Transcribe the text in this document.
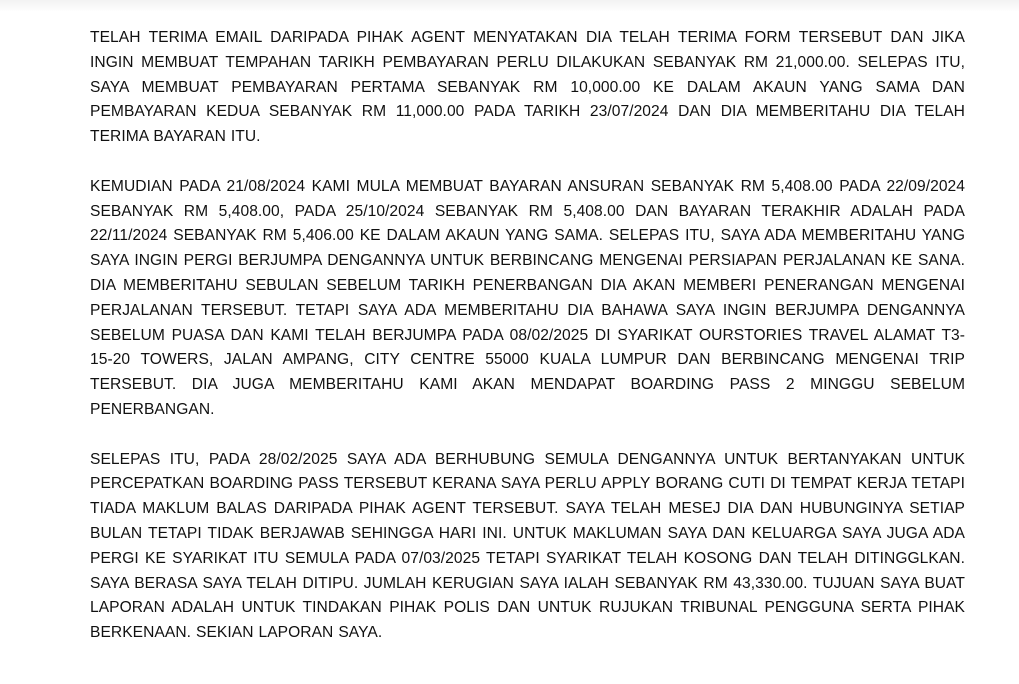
TELAH TERIMA EMAIL DARIPADA PIHAK AGENT MENYATAKAN DIA TELAH TERIMA FORM TERSEBUT DAN JIKA INGIN MEMBUAT TEMPAHAN TARIKH PEMBAYARAN PERLU DILAKUKAN SEBANYAK RM 21,000.00. SELEPAS ITU, SAYA MEMBUAT PEMBAYARAN PERTAMA SEBANYAK RM 10,000.00 KE DALAM AKAUN YANG SAMA DAN PEMBAYARAN KEDUA SEBANYAK RM 11,000.00 PADA TARIKH 23/07/2024 DAN DIA MEMBERITAHU DIA TELAH TERIMA BAYARAN ITU.

KEMUDIAN PADA 21/08/2024 KAMI MULA MEMBUAT BAYARAN ANSURAN SEBANYAK RM 5,408.00 PADA 22/09/2024 SEBANYAK RM 5,408.00, PADA 25/10/2024 SEBANYAK RM 5,408.00 DAN BAYARAN TERAKHIR ADALAH PADA 22/11/2024 SEBANYAK RM 5,406.00 KE DALAM AKAUN YANG SAMA. SELEPAS ITU, SAYA ADA MEMBERITAHU YANG SAYA INGIN PERGI BERJUMPA DENGANNYA UNTUK BERBINCANG MENGENAI PERSIAPAN PERJALANAN KE SANA. DIA MEMBERITAHU SEBULAN SEBELUM TARIKH PENERBANGAN DIA AKAN MEMBERI PENERANGAN MENGENAI PERJALANAN TERSEBUT. TETAPI SAYA ADA MEMBERITAHU DIA BAHAWA SAYA INGIN BERJUMPA DENGANNYA SEBELUM PUASA DAN KAMI TELAH BERJUMPA PADA 08/02/2025 DI SYARIKAT OURSTORIES TRAVEL ALAMAT T3-15-20 TOWERS, JALAN AMPANG, CITY CENTRE 55000 KUALA LUMPUR DAN BERBINCANG MENGENAI TRIP TERSEBUT. DIA JUGA MEMBERITAHU KAMI AKAN MENDAPAT BOARDING PASS 2 MINGGU SEBELUM PENERBANGAN.

SELEPAS ITU, PADA 28/02/2025 SAYA ADA BERHUBUNG SEMULA DENGANNYA UNTUK BERTANYAKAN UNTUK PERCEPATKAN BOARDING PASS TERSEBUT KERANA SAYA PERLU APPLY BORANG CUTI DI TEMPAT KERJA TETAPI TIADA MAKLUM BALAS DARIPADA PIHAK AGENT TERSEBUT. SAYA TELAH MESEJ DIA DAN HUBUNGINYA SETIAP BULAN TETAPI TIDAK BERJAWAB SEHINGGA HARI INI. UNTUK MAKLUMAN SAYA DAN KELUARGA SAYA JUGA ADA PERGI KE SYARIKAT ITU SEMULA PADA 07/03/2025 TETAPI SYARIKAT TELAH KOSONG DAN TELAH DITINGGLKAN. SAYA BERASA SAYA TELAH DITIPU. JUMLAH KERUGIAN SAYA IALAH SEBANYAK RM 43,330.00. TUJUAN SAYA BUAT LAPORAN ADALAH UNTUK TINDAKAN PIHAK POLIS DAN UNTUK RUJUKAN TRIBUNAL PENGGUNA SERTA PIHAK BERKENAAN. SEKIAN LAPORAN SAYA.
